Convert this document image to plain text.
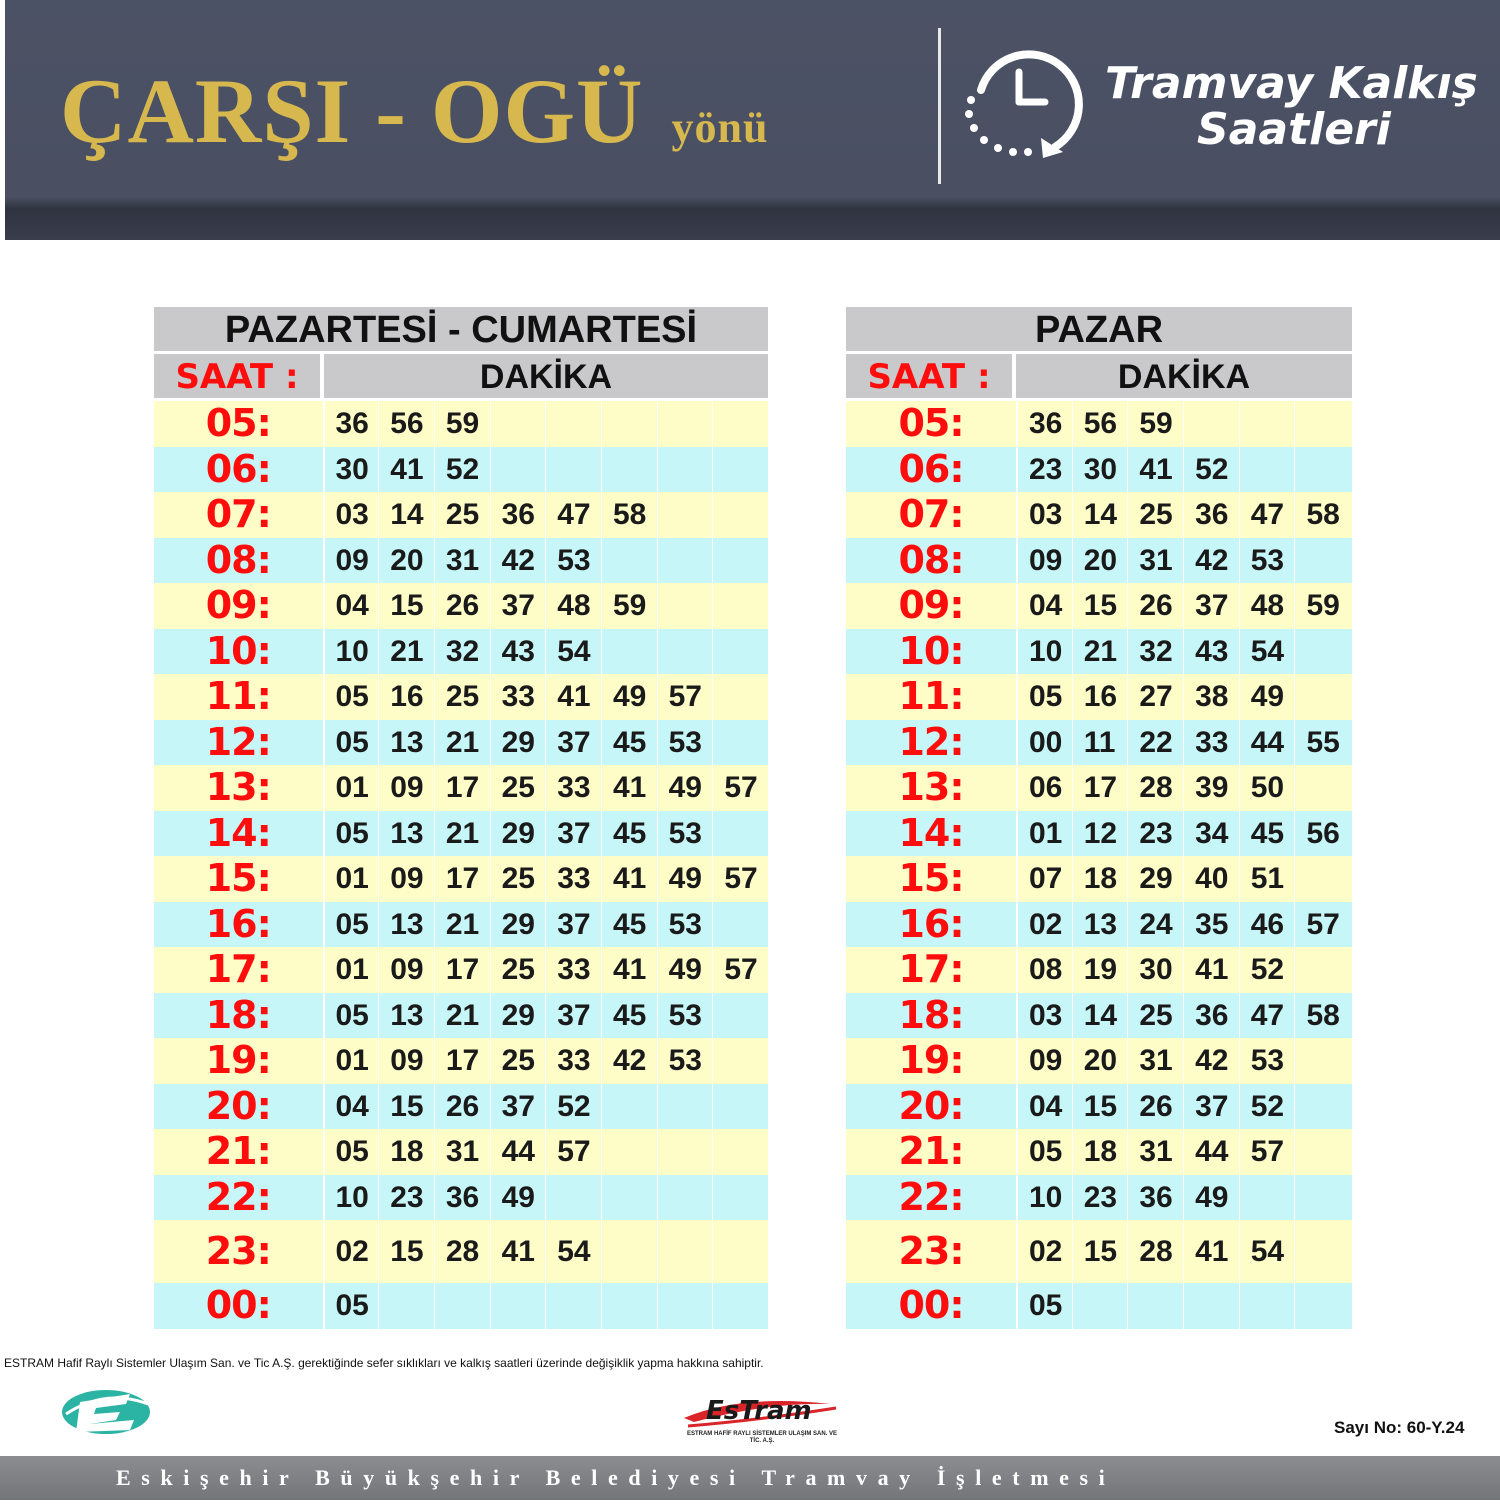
ÇARŞI - OGÜ yönü
Tramvay Kalkış
Saatleri
PAZARTESİ - CUMARTESİ
SAAT :	DAKİKA
05:	36 56 59
06:	30 41 52
07:	03 14 25 36 47 58
08:	09 20 31 42 53
09:	04 15 26 37 48 59
10:	10 21 32 43 54
11:	05 16 25 33 41 49 57
12:	05 13 21 29 37 45 53
13:	01 09 17 25 33 41 49 57
14:	05 13 21 29 37 45 53
15:	01 09 17 25 33 41 49 57
16:	05 13 21 29 37 45 53
17:	01 09 17 25 33 41 49 57
18:	05 13 21 29 37 45 53
19:	01 09 17 25 33 42 53
20:	04 15 26 37 52
21:	05 18 31 44 57
22:	10 23 36 49
23:	02 15 28 41 54
00:	05
PAZAR
SAAT :	DAKİKA
05:	36 56 59
06:	23 30 41 52
07:	03 14 25 36 47 58
08:	09 20 31 42 53
09:	04 15 26 37 48 59
10:	10 21 32 43 54
11:	05 16 27 38 49
12:	00 11 22 33 44 55
13:	06 17 28 39 50
14:	01 12 23 34 45 56
15:	07 18 29 40 51
16:	02 13 24 35 46 57
17:	08 19 30 41 52
18:	03 14 25 36 47 58
19:	09 20 31 42 53
20:	04 15 26 37 52
21:	05 18 31 44 57
22:	10 23 36 49
23:	02 15 28 41 54
00:	05
ESTRAM Hafif Raylı Sistemler Ulaşım San. ve Tic A.Ş. gerektiğinde sefer sıklıkları ve kalkış saatleri üzerinde değişiklik yapma hakkına sahiptir.
EsTram
ESTRAM HAFİF RAYLI SİSTEMLER ULAŞIM SAN. VE TİC. A.Ş.
Sayı No: 60-Y.24
Eskişehir Büyükşehir Belediyesi Tramvay İşletmesi
